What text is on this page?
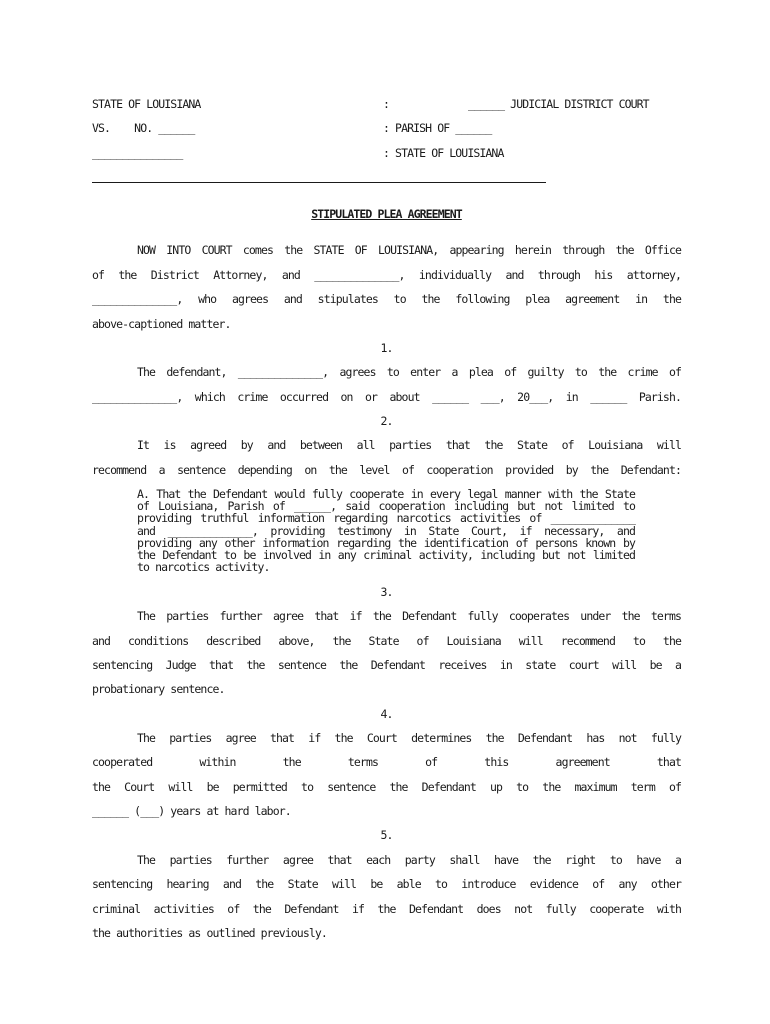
STATE OF LOUISIANA	:	______ JUDICIAL DISTRICT COURT
VS.    NO. ______	: PARISH OF ______
_______________	: STATE OF LOUISIANA
STIPULATED PLEA AGREEMENT
NOW INTO COURT comes the STATE OF LOUISIANA, appearing herein through the Office
of the District Attorney, and ______________, individually and through his attorney,
______________, who agrees and stipulates to the following plea agreement in the
above-captioned matter.
1.
The defendant, ______________, agrees to enter a plea of guilty to the crime of
______________, which crime occurred on or about ______ ___, 20___, in ______ Parish.
2.
It is agreed by and between all parties that the State of Louisiana will
recommend a sentence depending on the level of cooperation provided by the Defendant:
A. That the Defendant would fully cooperate in every legal manner with the State of Louisiana, Parish of ______, said cooperation including but not limited to providing truthful information regarding narcotics activities of ______________ and ______________, providing testimony in State Court, if necessary, and providing any other information regarding the identification of persons known by the Defendant to be involved in any criminal activity, including but not limited to narcotics activity.
3.
The parties further agree that if the Defendant fully cooperates under the terms
and conditions described above, the State of Louisiana will recommend to the
sentencing Judge that the sentence the Defendant receives in state court will be a
probationary sentence.
4.
The parties agree that if the Court determines the Defendant has not fully
cooperated within the terms of this agreement that
the Court will be permitted to sentence the Defendant up to the maximum term of
______ (___) years at hard labor.
5.
The parties further agree that each party shall have the right to have a
sentencing hearing and the State will be able to introduce evidence of any other
criminal activities of the Defendant if the Defendant does not fully cooperate with
the authorities as outlined previously.
